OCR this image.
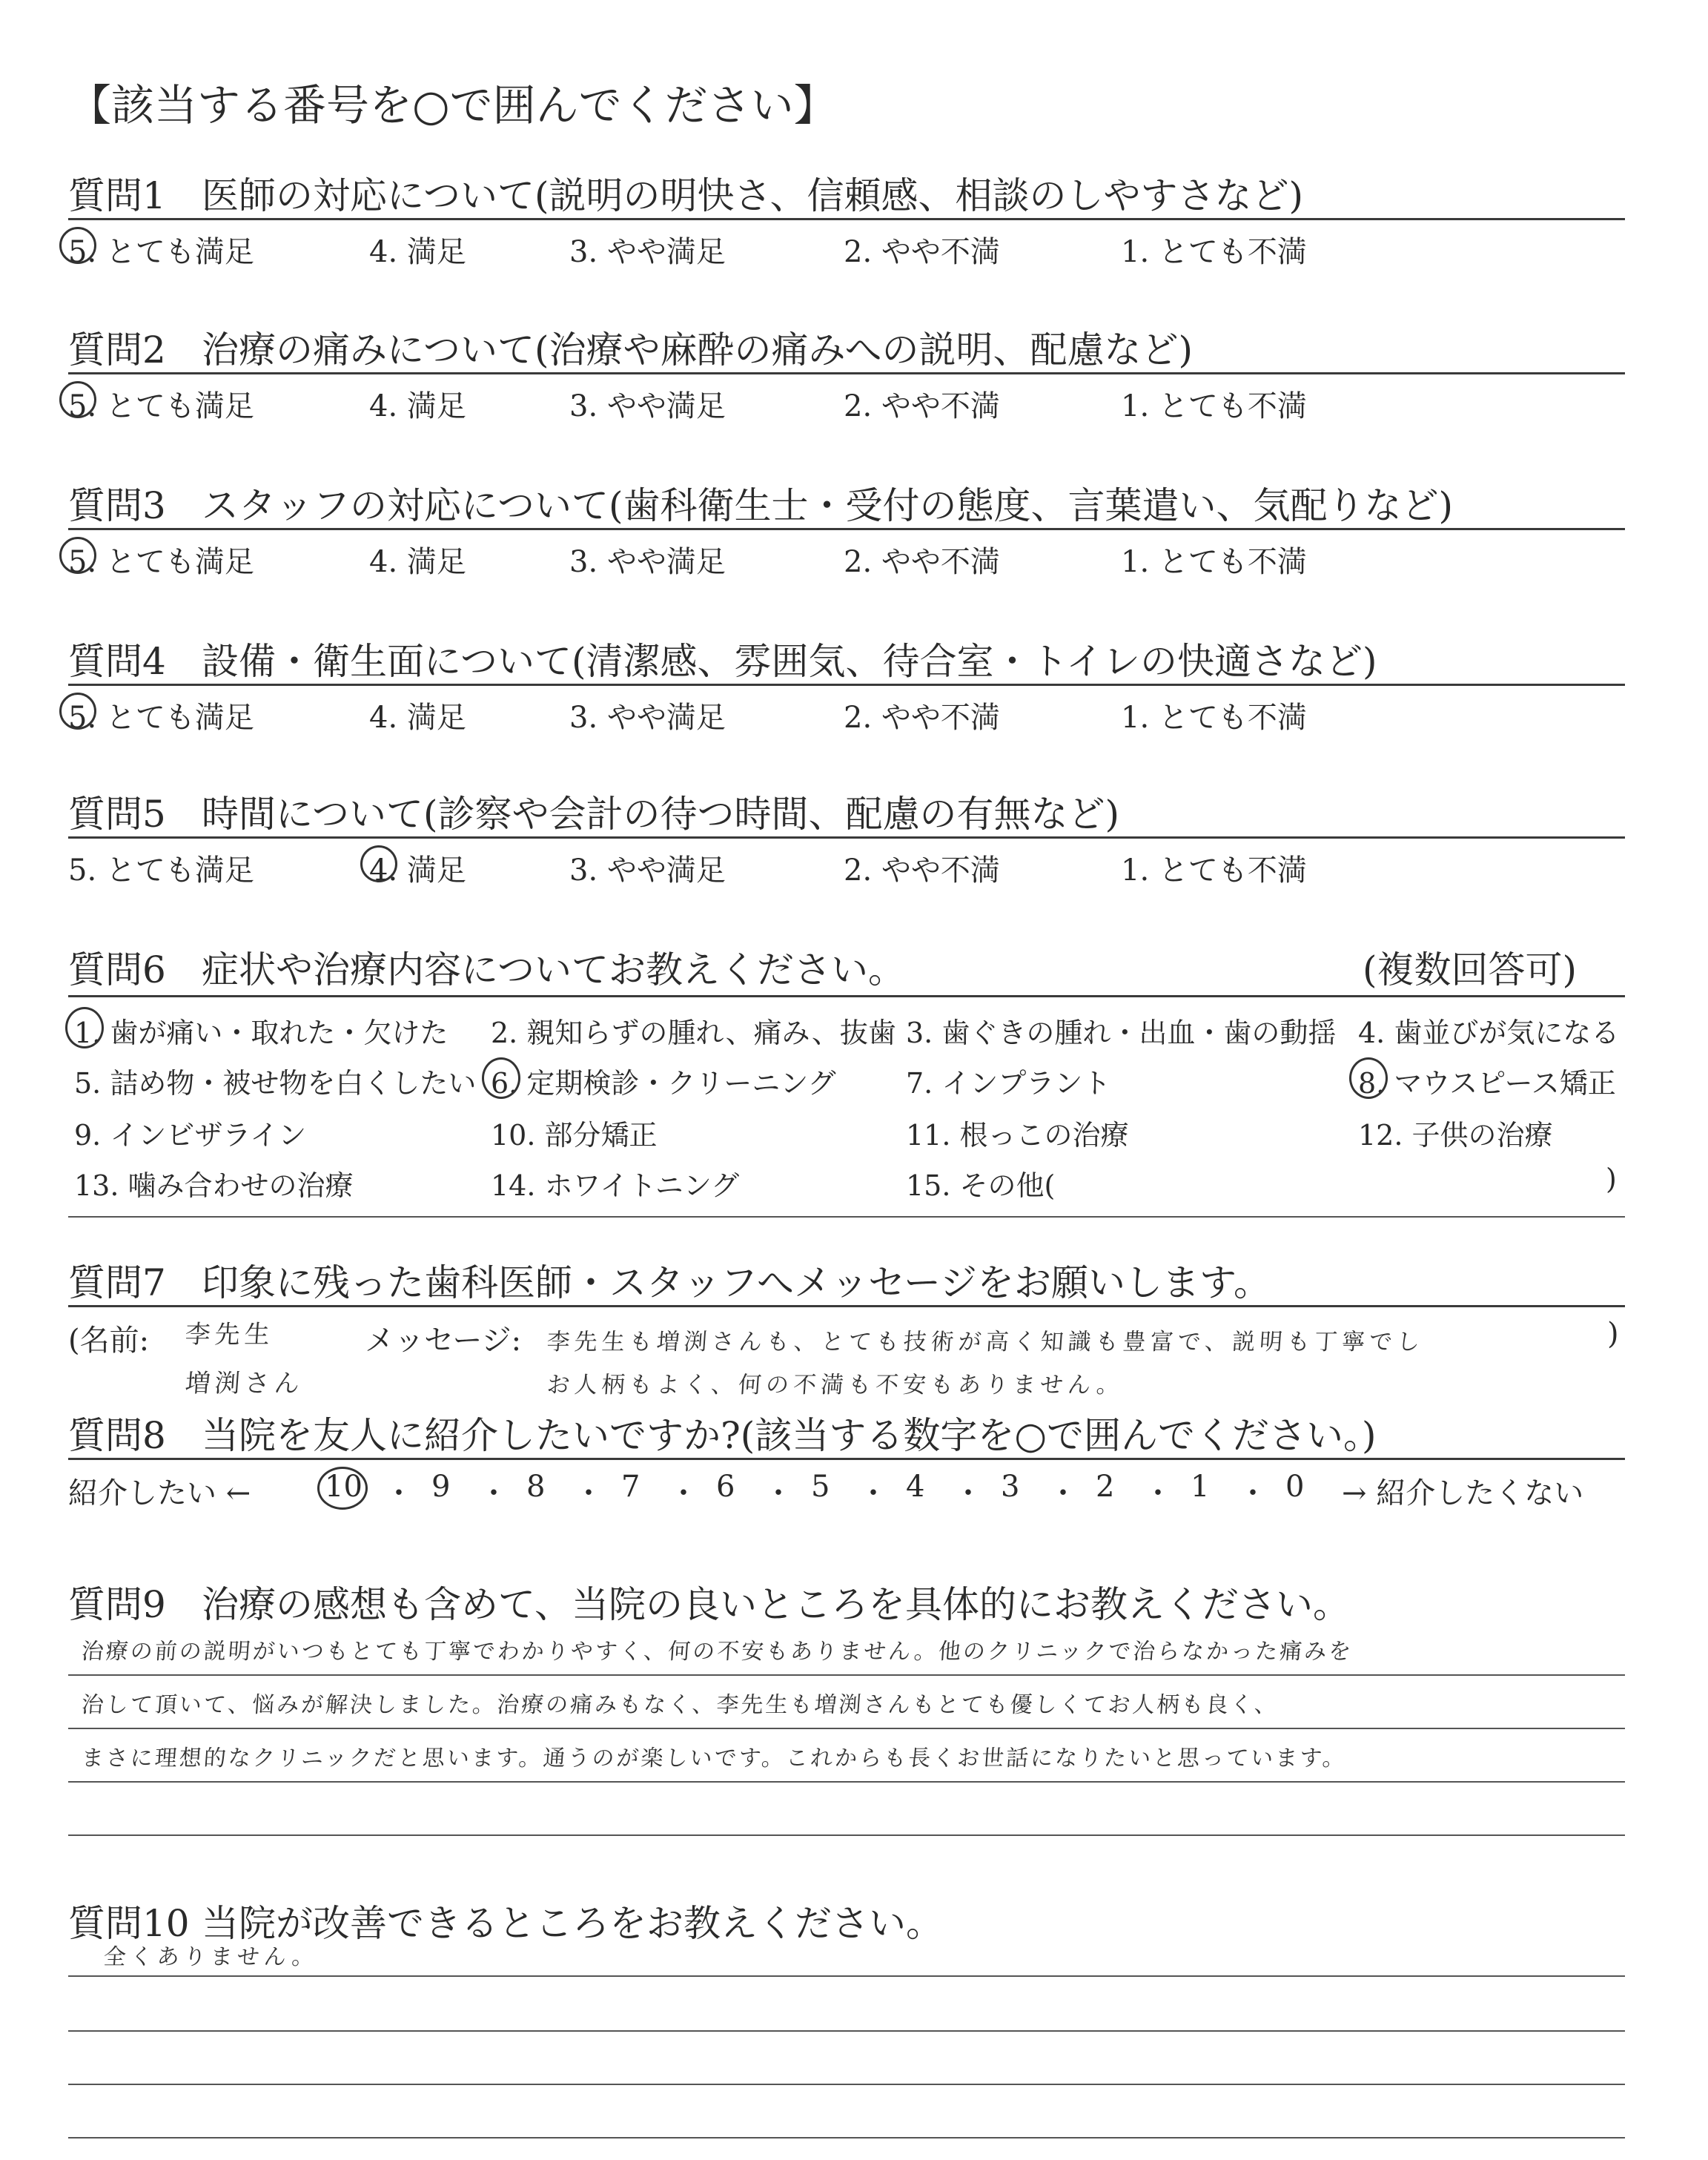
【該当する番号を○で囲んでください】
質問1 医師の対応について(説明の明快さ、信頼感、相談のしやすさなど)
5. とても満足	4. 満足	3. やや満足	2. やや不満	1. とても不満
質問2 治療の痛みについて(治療や麻酔の痛みへの説明、配慮など)
5. とても満足	4. 満足	3. やや満足	2. やや不満	1. とても不満
質問3 スタッフの対応について(歯科衛生士・受付の態度、言葉遣い、気配りなど)
5. とても満足	4. 満足	3. やや満足	2. やや不満	1. とても不満
質問4 設備・衛生面について(清潔感、雰囲気、待合室・トイレの快適さなど)
5. とても満足	4. 満足	3. やや満足	2. やや不満	1. とても不満
質問5 時間について(診察や会計の待つ時間、配慮の有無など)
5. とても満足	4. 満足	3. やや満足	2. やや不満	1. とても不満
質問6 症状や治療内容についてお教えください。	(複数回答可)
1. 歯が痛い・取れた・欠けた 2. 親知らずの腫れ、痛み、抜歯 3. 歯ぐきの腫れ・出血・歯の動揺 4. 歯並びが気になる
5. 詰め物・被せ物を白くしたい 6. 定期検診・クリーニング 7. インプラント	8. マウスピース矯正
9. インビザライン	10. 部分矯正	11. 根っこの治療	12. 子供の治療
13. 噛み合わせの治療	14. ホワイトニング	15. その他(	)
質問7 印象に残った歯科医師・スタッフへメッセージをお願いします。
(名前: 李先生
増渕さん
メッセージ: 李先生も増渕さんも、とても技術が高く知識も豊富で、説明も丁寧でし
お人柄もよく、何の不満も不安もありません。
)
質問8 当院を友人に紹介したいですか?(該当する数字を○で囲んでください。)
紹介したい ← 10 ・ 9 ・ 8 ・ 7 ・ 6 ・ 5 ・ 4 ・ 3 ・ 2 ・ 1 ・ 0 → 紹介したくない
質問9 治療の感想も含めて、当院の良いところを具体的にお教えください。
治療の前の説明がいつもとても丁寧でわかりやすく、何の不安もありません。他のクリニックで治らなかった痛みを
治して頂いて、悩みが解決しました。治療の痛みもなく、李先生も増渕さんもとても優しくてお人柄も良く、
まさに理想的なクリニックだと思います。通うのが楽しいです。これからも長くお世話になりたいと思っています。
質問10 当院が改善できるところをお教えください。
全くありません。
